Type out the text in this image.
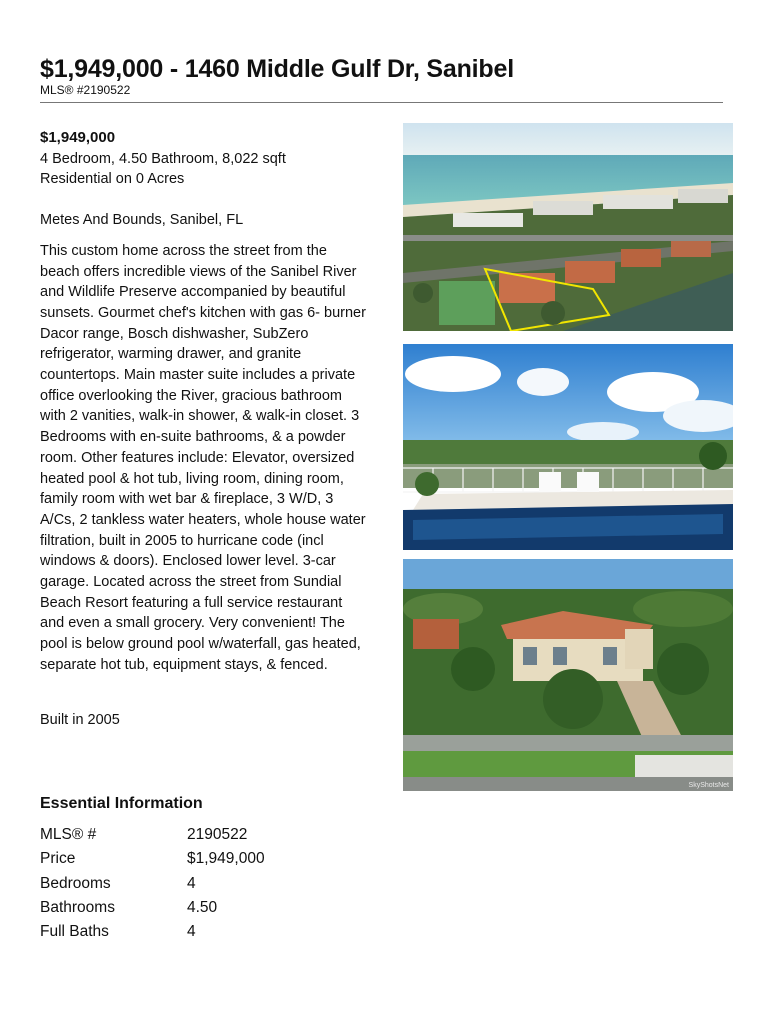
$1,949,000 - 1460 Middle Gulf Dr, Sanibel
MLS® #2190522
$1,949,000
4 Bedroom, 4.50 Bathroom, 8,022 sqft
Residential on 0 Acres
Metes And Bounds, Sanibel, FL
This custom home across the street from the beach offers incredible views of the Sanibel River and Wildlife Preserve accompanied by beautiful sunsets. Gourmet chef's kitchen with gas 6- burner Dacor range, Bosch dishwasher, SubZero refrigerator, warming drawer, and granite countertops. Main master suite includes a private office overlooking the River, gracious bathroom with 2 vanities, walk-in shower, & walk-in closet. 3 Bedrooms with en-suite bathrooms, & a powder room. Other features include: Elevator, oversized heated pool & hot tub, living room, dining room, family room with wet bar & fireplace, 3 W/D, 3 A/Cs, 2 tankless water heaters, whole house water filtration, built in 2005 to hurricane code (incl windows & doors). Enclosed lower level. 3-car garage. Located across the street from Sundial Beach Resort featuring a full service restaurant and even a small grocery. Very convenient! The pool is below ground pool w/waterfall, gas heated, separate hot tub, equipment stays, & fenced.
Built in 2005
Essential Information
MLS® #	2190522
Price	$1,949,000
Bedrooms	4
Bathrooms	4.50
Full Baths	4
SkyShotsNet
